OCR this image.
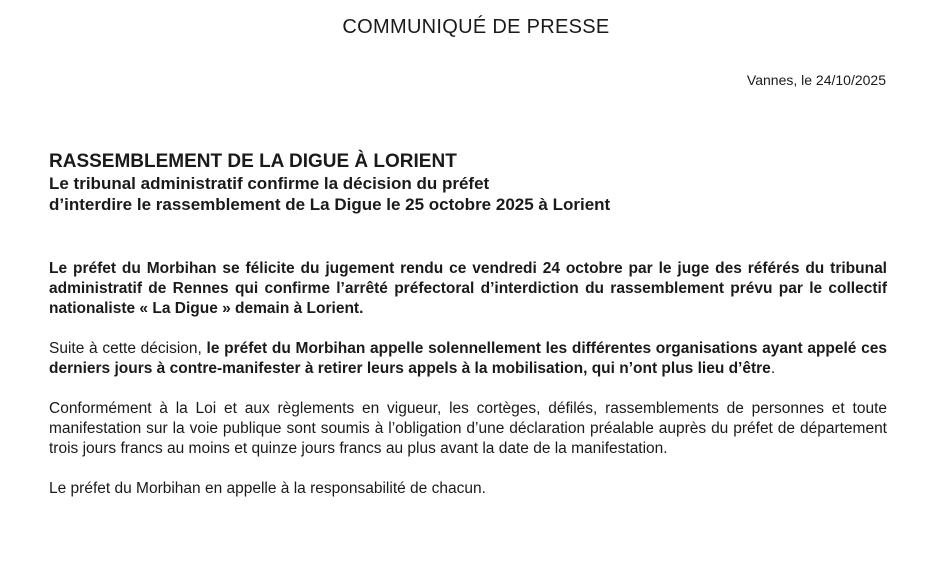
COMMUNIQUÉ DE PRESSE
Vannes, le 24/10/2025

RASSEMBLEMENT DE LA DIGUE À LORIENT

Le tribunal administratif confirme la décision du préfet

d’interdire le rassemblement de La Digue le 25 octobre 2025 à Lorient

Le préfet du Morbihan se félicite du jugement rendu ce vendredi 24 octobre par le juge des référés du tribunal administratif de Rennes qui confirme l’arrêté préfectoral d’interdiction du rassemblement prévu par le collectif nationaliste « La Digue » demain à Lorient.

Suite à cette décision, le préfet du Morbihan appelle solennellement les différentes organisations ayant appelé ces derniers jours à contre-manifester à retirer leurs appels à la mobilisation, qui n’ont plus lieu d’être.

Conformément à la Loi et aux règlements en vigueur, les cortèges, défilés, rassemblements de personnes et toute manifestation sur la voie publique sont soumis à l’obligation d’une déclaration préalable auprès du préfet de département trois jours francs au moins et quinze jours francs au plus avant la date de la manifestation.

Le préfet du Morbihan en appelle à la responsabilité de chacun.
